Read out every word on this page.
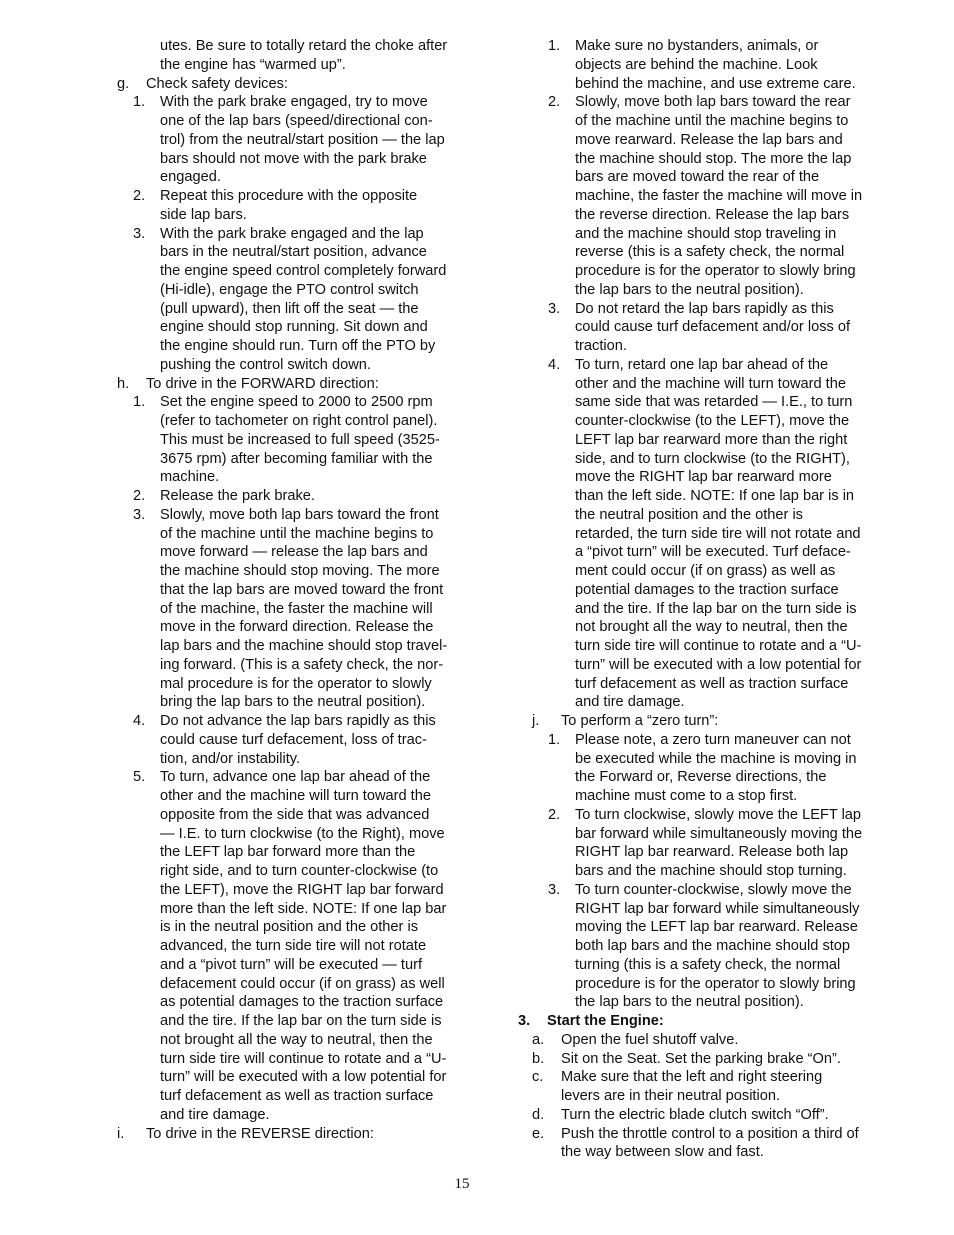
utes. Be sure to totally retard the choke after
the engine has “warmed up”.
g. Check safety devices:
1. With the park brake engaged, try to move
one of the lap bars (speed/directional con-
trol) from the neutral/start position — the lap
bars should not move with the park brake
engaged.
2. Repeat this procedure with the opposite
side lap bars.
3. With the park brake engaged and the lap
bars in the neutral/start position, advance
the engine speed control completely forward
(Hi-idle), engage the PTO control switch
(pull upward), then lift off the seat — the
engine should stop running. Sit down and
the engine should run. Turn off the PTO by
pushing the control switch down.
h. To drive in the FORWARD direction:
1. Set the engine speed to 2000 to 2500 rpm
(refer to tachometer on right control panel).
This must be increased to full speed (3525-
3675 rpm) after becoming familiar with the
machine.
2. Release the park brake.
3. Slowly, move both lap bars toward the front
of the machine until the machine begins to
move forward — release the lap bars and
the machine should stop moving. The more
that the lap bars are moved toward the front
of the machine, the faster the machine will
move in the forward direction. Release the
lap bars and the machine should stop travel-
ing forward. (This is a safety check, the nor-
mal procedure is for the operator to slowly
bring the lap bars to the neutral position).
4. Do not advance the lap bars rapidly as this
could cause turf defacement, loss of trac-
tion, and/or instability.
5. To turn, advance one lap bar ahead of the
other and the machine will turn toward the
opposite from the side that was advanced
— I.E. to turn clockwise (to the Right), move
the LEFT lap bar forward more than the
right side, and to turn counter-clockwise (to
the LEFT), move the RIGHT lap bar forward
more than the left side. NOTE: If one lap bar
is in the neutral position and the other is
advanced, the turn side tire will not rotate
and a “pivot turn” will be executed — turf
defacement could occur (if on grass) as well
as potential damages to the traction surface
and the tire. If the lap bar on the turn side is
not brought all the way to neutral, then the
turn side tire will continue to rotate and a “U-
turn” will be executed with a low potential for
turf defacement as well as traction surface
and tire damage.
i. To drive in the REVERSE direction:
1. Make sure no bystanders, animals, or
objects are behind the machine. Look
behind the machine, and use extreme care.
2. Slowly, move both lap bars toward the rear
of the machine until the machine begins to
move rearward. Release the lap bars and
the machine should stop. The more the lap
bars are moved toward the rear of the
machine, the faster the machine will move in
the reverse direction. Release the lap bars
and the machine should stop traveling in
reverse (this is a safety check, the normal
procedure is for the operator to slowly bring
the lap bars to the neutral position).
3. Do not retard the lap bars rapidly as this
could cause turf defacement and/or loss of
traction.
4. To turn, retard one lap bar ahead of the
other and the machine will turn toward the
same side that was retarded — I.E., to turn
counter-clockwise (to the LEFT), move the
LEFT lap bar rearward more than the right
side, and to turn clockwise (to the RIGHT),
move the RIGHT lap bar rearward more
than the left side. NOTE: If one lap bar is in
the neutral position and the other is
retarded, the turn side tire will not rotate and
a “pivot turn” will be executed. Turf deface-
ment could occur (if on grass) as well as
potential damages to the traction surface
and the tire. If the lap bar on the turn side is
not brought all the way to neutral, then the
turn side tire will continue to rotate and a “U-
turn” will be executed with a low potential for
turf defacement as well as traction surface
and tire damage.
j. To perform a “zero turn”:
1. Please note, a zero turn maneuver can not
be executed while the machine is moving in
the Forward or, Reverse directions, the
machine must come to a stop first.
2. To turn clockwise, slowly move the LEFT lap
bar forward while simultaneously moving the
RIGHT lap bar rearward. Release both lap
bars and the machine should stop turning.
3. To turn counter-clockwise, slowly move the
RIGHT lap bar forward while simultaneously
moving the LEFT lap bar rearward. Release
both lap bars and the machine should stop
turning (this is a safety check, the normal
procedure is for the operator to slowly bring
the lap bars to the neutral position).
3. Start the Engine:
a. Open the fuel shutoff valve.
b. Sit on the Seat. Set the parking brake “On”.
c. Make sure that the left and right steering
levers are in their neutral position.
d. Turn the electric blade clutch switch “Off”.
e. Push the throttle control to a position a third of
the way between slow and fast.
15
